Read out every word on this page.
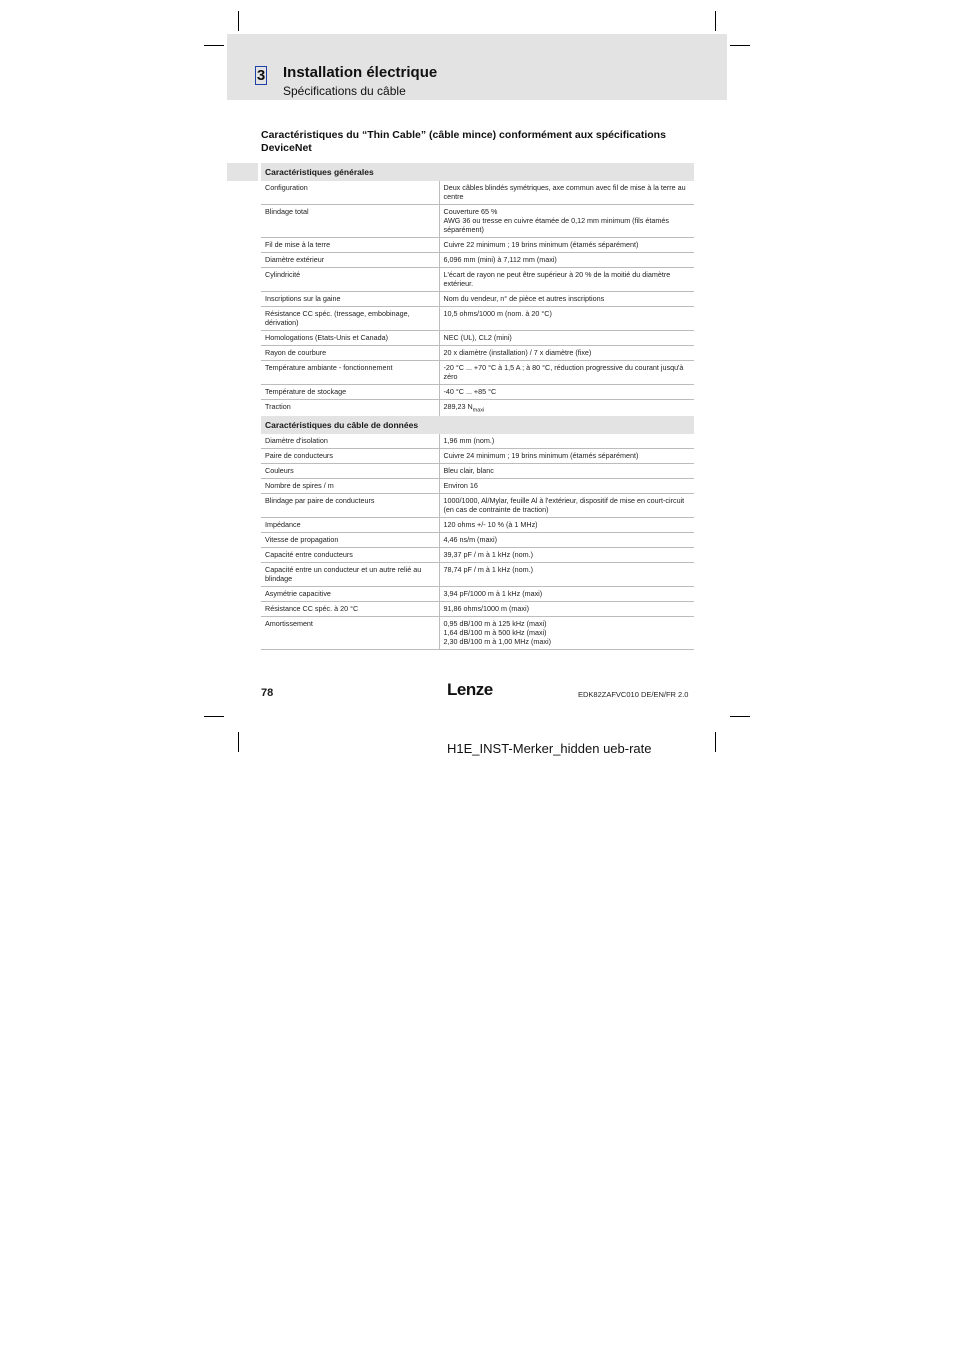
3 Installation électrique
Spécifications du câble
Caractéristiques du “Thin Cable” (câble mince) conformément aux spécifications DeviceNet
Caractéristiques générales	
Configuration	Deux câbles blindés symétriques, axe commun avec fil de mise à la terre au centre
Blindage total	Couverture 65 %
AWG 36 ou tresse en cuivre étamée de 0,12 mm minimum (fils étamés séparément)
Fil de mise à la terre	Cuivre 22 minimum ; 19 brins minimum (étamés séparément)
Diamètre extérieur	6,096 mm (mini) à 7,112 mm (maxi)
Cylindricité	L'écart de rayon ne peut être supérieur à 20 % de la moitié du diamètre extérieur.
Inscriptions sur la gaine	Nom du vendeur, n° de pièce et autres inscriptions
Résistance CC spéc. (tressage, embobinage, dérivation)	10,5 ohms/1000 m (nom. à 20 °C)
Homologations (Etats-Unis et Canada)	NEC (UL), CL2 (mini)
Rayon de courbure	20 x diamètre (installation) / 7 x diamètre (fixe)
Température ambiante - fonctionnement	-20 °C ... +70 °C à 1,5 A ; à 80 °C, réduction progressive du courant jusqu'à zéro
Température de stockage	-40 °C ... +85 °C
Traction	289,23 $N_{maxi}$
Caractéristiques du câble de données	
Diamètre d'isolation	1,96 mm (nom.)
Paire de conducteurs	Cuivre 24 minimum ; 19 brins minimum (étamés séparément)
Couleurs	Bleu clair, blanc
Nombre de spires / m	Environ 16
Blindage par paire de conducteurs	1000/1000, Al/Mylar, feuille Al à l'extérieur, dispositif de mise en court-circuit (en cas de contrainte de traction)
Impédance	120 ohms +/- 10 % (à 1 MHz)
Vitesse de propagation	4,46 ns/m (maxi)
Capacité entre conducteurs	39,37 pF / m à 1 kHz (nom.)
Capacité entre un conducteur et un autre relié au blindage	78,74 pF / m à 1 kHz (nom.)
Asymétrie capacitive	3,94 pF/1000 m à 1 kHz (maxi)
Résistance CC spéc. à 20 °C	91,86 ohms/1000 m (maxi)
Amortissement	0,95 dB/100 m à 125 kHz (maxi)
1,64 dB/100 m à 500 kHz (maxi)
2,30 dB/100 m à 1,00 MHz (maxi)
78	Lenze	EDK82ZAFVC010 DE/EN/FR 2.0
H1E_INST-Merker_hidden ueb-rate
